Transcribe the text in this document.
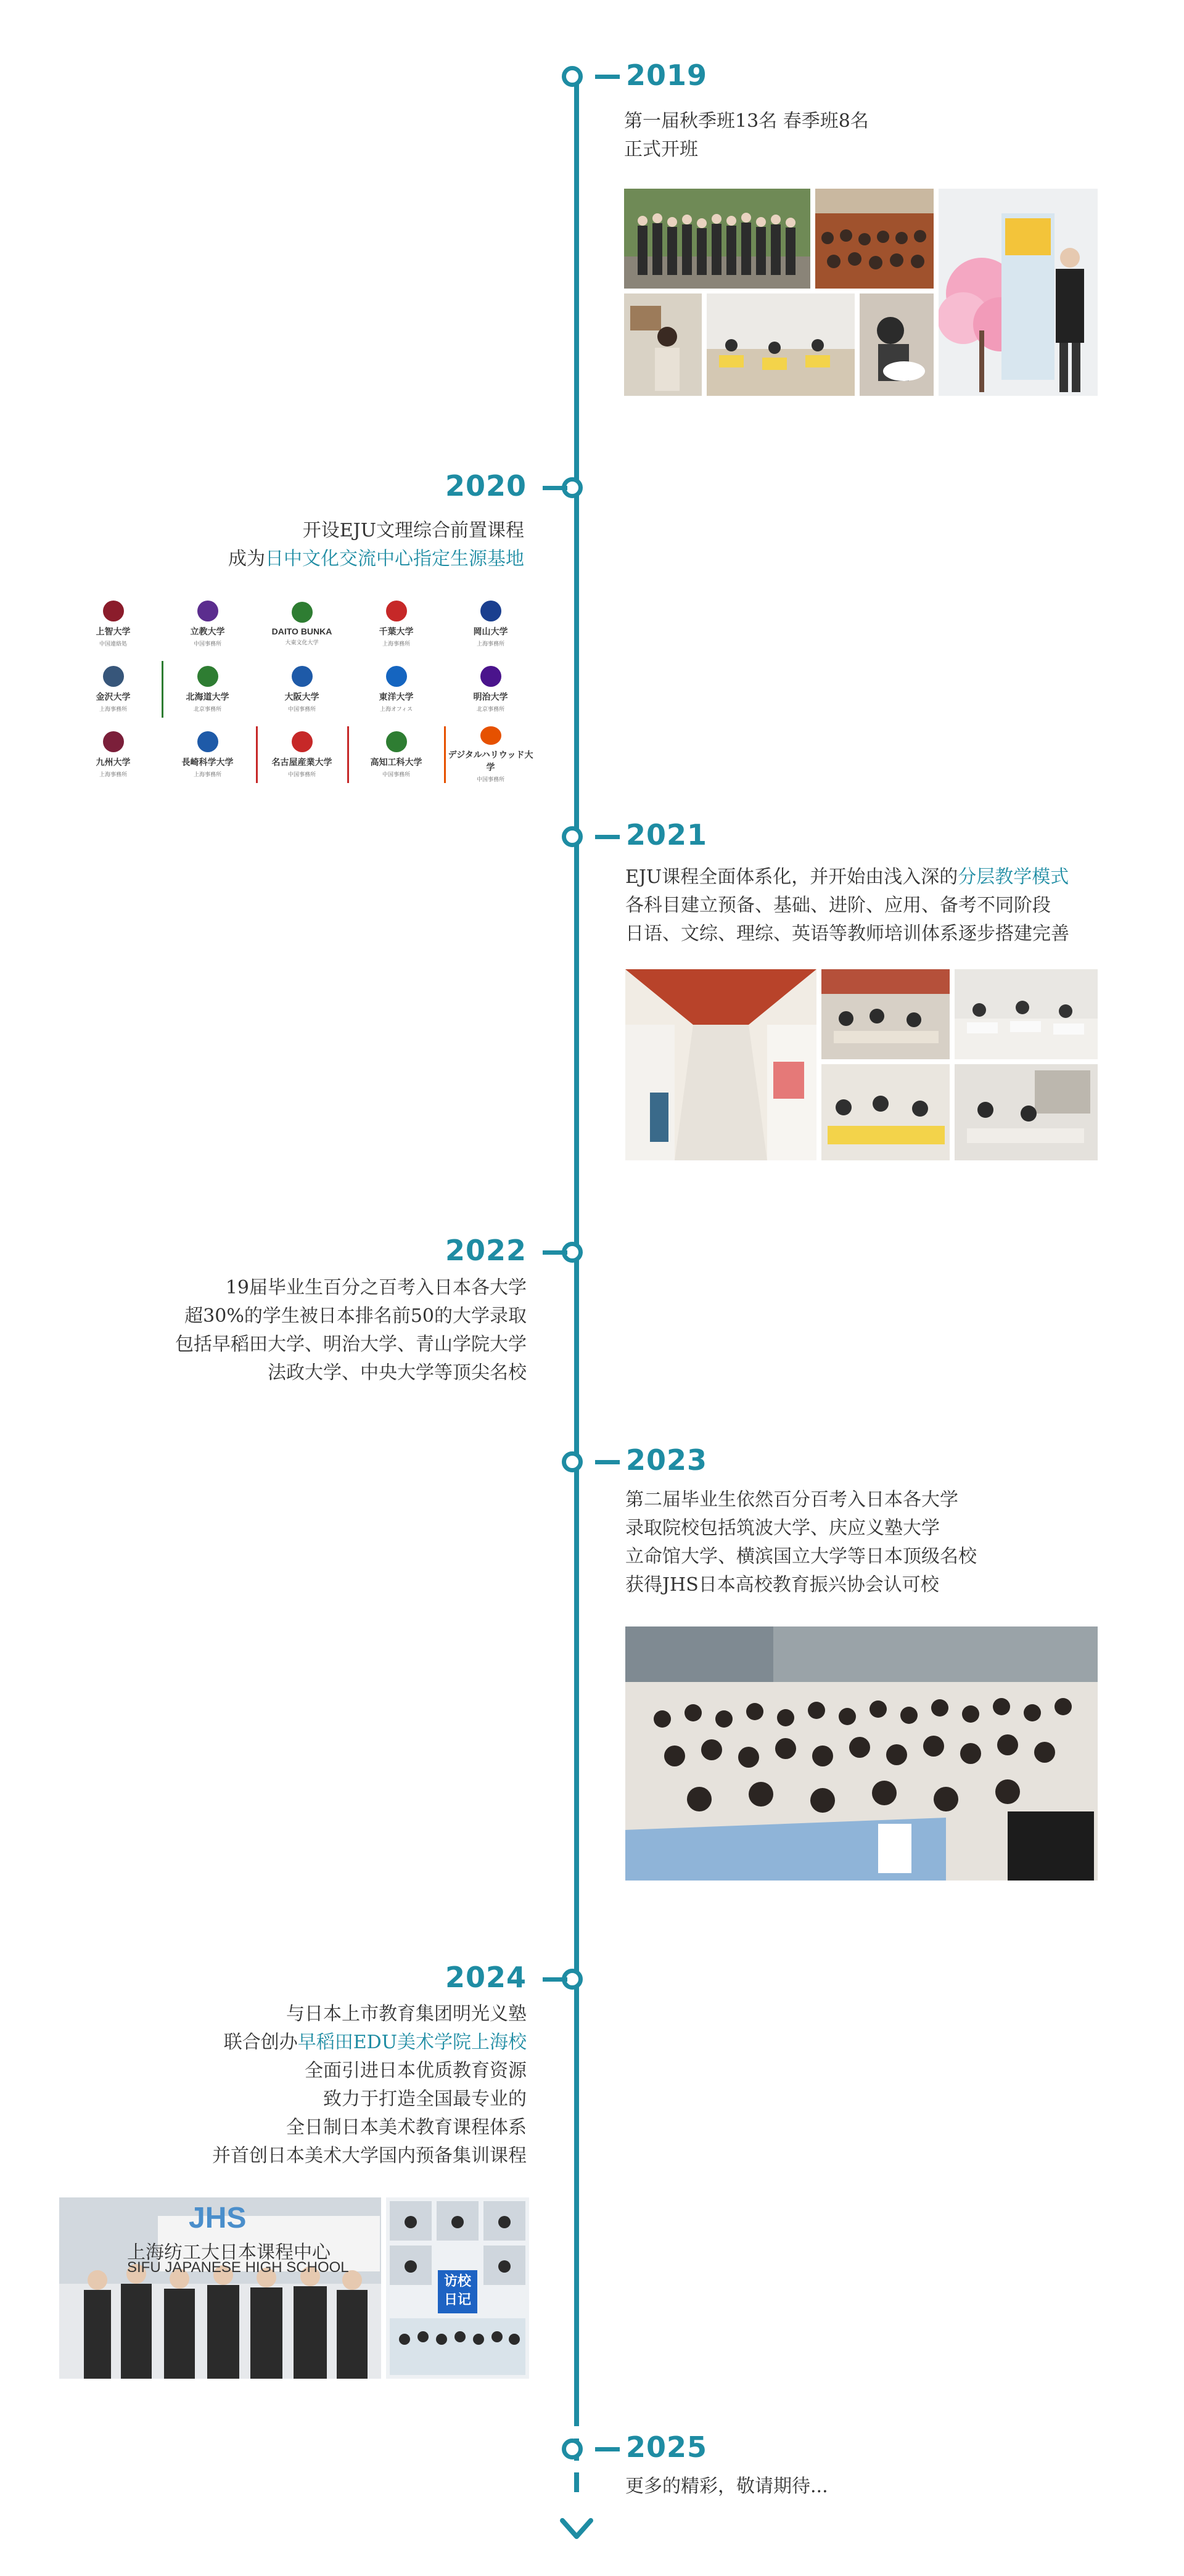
2019
第一届秋季班13名 春季班8名
正式开班
2020
开设EJU文理综合前置课程
成为日中文化交流中心指定生源基地
上智大学
中国連絡処
立教大学
中国事務所
DAITO BUNKA
大東文化大学
千葉大学
上海事務所
岡山大学
上海事務所
金沢大学
上海事務所
北海道大学
北京事務所
大阪大学
中国事務所
東洋大学
上海オフィス
明治大学
北京事務所
九州大学
上海事務所
長崎科学大学
上海事務所
名古屋産業大学
中国事務所
高知工科大学
中国事務所
デジタルハリウッド大学
中国事務所
2021
EJU课程全面体系化，并开始由浅入深的分层教学模式
各科目建立预备、基础、进阶、应用、备考不同阶段
日语、文综、理综、英语等教师培训体系逐步搭建完善
2022
19届毕业生百分之百考入日本各大学
超30%的学生被日本排名前50的大学录取
包括早稻田大学、明治大学、青山学院大学
法政大学、中央大学等顶尖名校
2023
第二届毕业生依然百分百考入日本各大学
录取院校包括筑波大学、庆应义塾大学
立命馆大学、横滨国立大学等日本顶级名校
获得JHS日本高校教育振兴协会认可校
2024
与日本上市教育集团明光义塾
联合创办早稻田EDU美术学院上海校
全面引进日本优质教育资源
致力于打造全国最专业的
全日制日本美术教育课程体系
并首创日本美术大学国内预备集训课程
JHS
上海纺工大日本课程中心
SIFU JAPANESE HIGH SCHOOL
访校日记
2025
更多的精彩，敬请期待...
